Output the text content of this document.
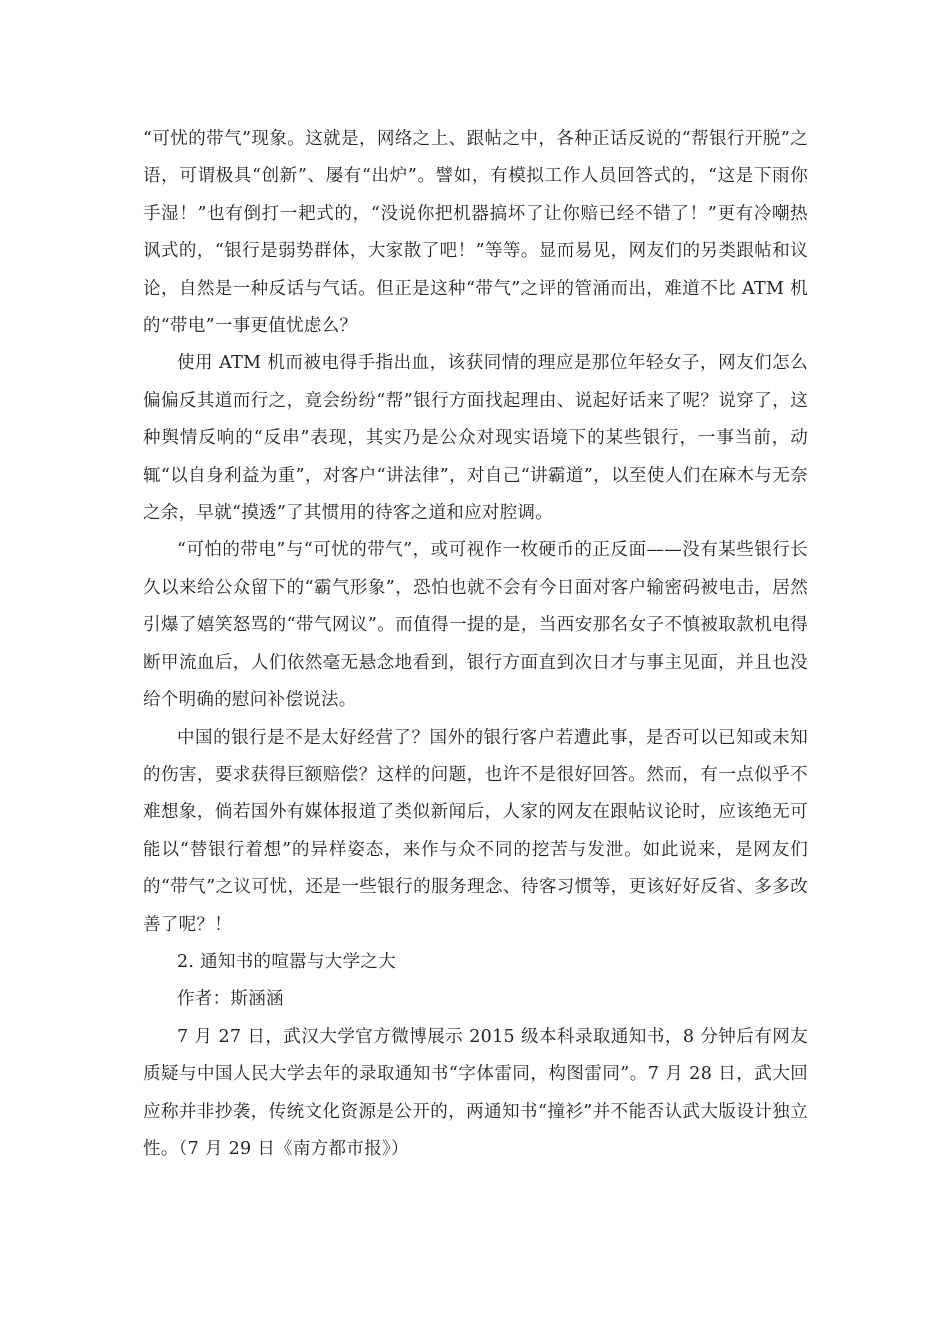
“可忧的带气”现象。这就是，网络之上、跟帖之中，各种正话反说的“帮银行开脱”之语，可谓极具“创新”、屡有“出炉”。譬如，有模拟工作人员回答式的，“这是下雨你手湿！”也有倒打一耙式的，“没说你把机器搞坏了让你赔已经不错了！”更有冷嘲热讽式的，“银行是弱势群体，大家散了吧！”等等。显而易见，网友们的另类跟帖和议论，自然是一种反话与气话。但正是这种“带气”之评的管涌而出，难道不比 ATM 机的“带电”一事更值忧虑么？

使用 ATM 机而被电得手指出血，该获同情的理应是那位年轻女子，网友们怎么偏偏反其道而行之，竟会纷纷“帮”银行方面找起理由、说起好话来了呢？说穿了，这种舆情反响的“反串”表现，其实乃是公众对现实语境下的某些银行，一事当前，动辄“以自身利益为重”，对客户“讲法律”，对自己“讲霸道”，以至使人们在麻木与无奈之余，早就“摸透”了其惯用的待客之道和应对腔调。

“可怕的带电”与“可忧的带气”，或可视作一枚硬币的正反面——没有某些银行长久以来给公众留下的“霸气形象”，恐怕也就不会有今日面对客户输密码被电击，居然引爆了嬉笑怒骂的“带气网议”。而值得一提的是，当西安那名女子不慎被取款机电得断甲流血后，人们依然毫无悬念地看到，银行方面直到次日才与事主见面，并且也没给个明确的慰问补偿说法。

中国的银行是不是太好经营了？国外的银行客户若遭此事，是否可以已知或未知的伤害，要求获得巨额赔偿？这样的问题，也许不是很好回答。然而，有一点似乎不难想象，倘若国外有媒体报道了类似新闻后，人家的网友在跟帖议论时，应该绝无可能以“替银行着想”的异样姿态，来作与众不同的挖苦与发泄。如此说来，是网友们的“带气”之议可忧，还是一些银行的服务理念、待客习惯等，更该好好反省、多多改善了呢？！

2. 通知书的喧嚣与大学之大

作者：斯涵涵

7 月 27 日，武汉大学官方微博展示 2015 级本科录取通知书，8 分钟后有网友质疑与中国人民大学去年的录取通知书“字体雷同，构图雷同”。7 月 28 日，武大回应称并非抄袭，传统文化资源是公开的，两通知书“撞衫”并不能否认武大版设计独立性。（7 月 29 日《南方都市报》）
